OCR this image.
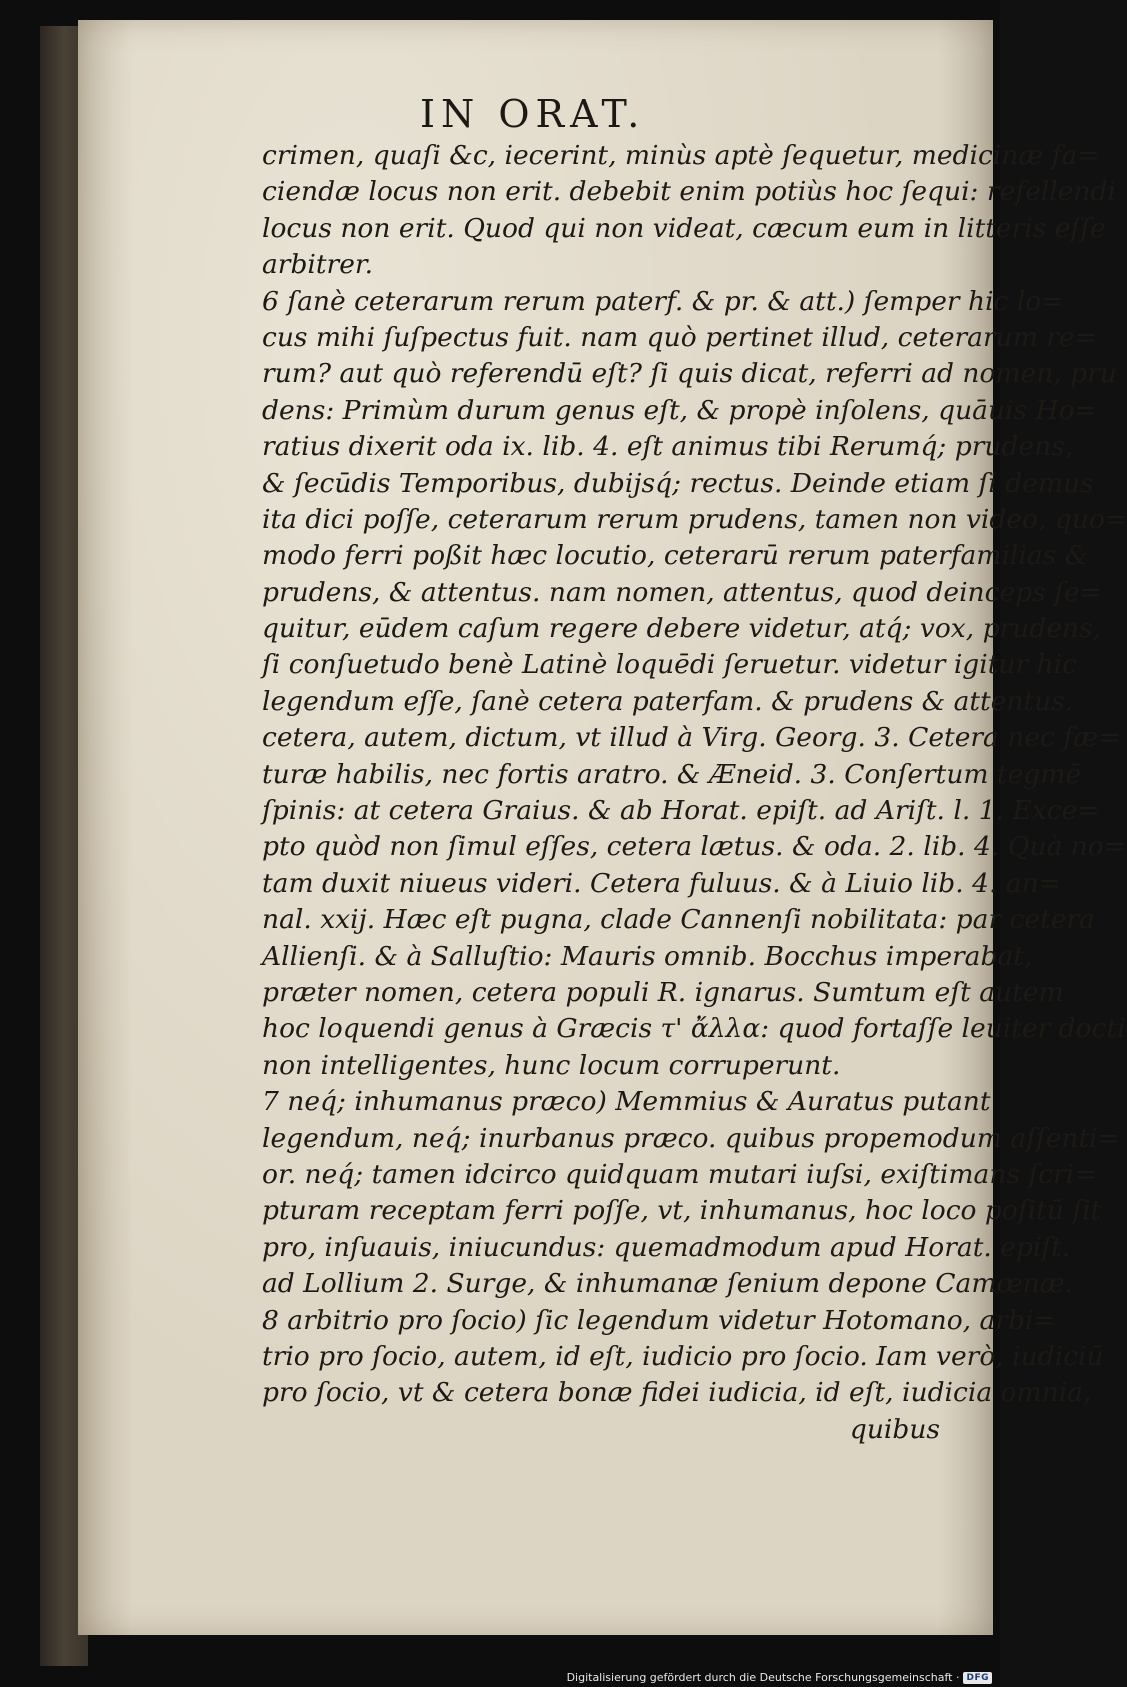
IN ORAT.
crimen, quaſi &c, iecerint, minùs aptè ſequetur, medicinæ fa=
ciendæ locus non erit. debebit enim potiùs hoc ſequi: refellendi
locus non erit. Quod qui non videat, cæcum eum in litteris eſſe
arbitrer.
6 ſanè ceterarum rerum paterf. & pr. & att.) ſemper hic lo=
cus mihi ſuſpectus fuit. nam quò pertinet illud, ceterarum re=
rum? aut quò referendū eſt? ſi quis dicat, referri ad nomen, pru
dens: Primùm durum genus eſt, & propè inſolens, quāuis Ho=
ratius dixerit oda ix. lib. 4. eſt animus tibi Rerumq́; prudens,
& ſecūdis Temporibus, dubijsq́; rectus. Deinde etiam ſi demus
ita dici poſſe, ceterarum rerum prudens, tamen non video, quo=
modo ferri poßit hæc locutio, ceterarū rerum paterfamilias &
prudens, & attentus. nam nomen, attentus, quod deinceps ſe=
quitur, eūdem caſum regere debere videtur, atq́; vox, prudens,
ſi conſuetudo benè Latinè loquēdi ſeruetur. videtur igitur hic
legendum eſſe, ſanè cetera paterfam. & prudens & attentus.
cetera, autem, dictum, vt illud à Virg. Georg. 3. Cetera nec fæ=
turæ habilis, nec fortis aratro. & Æneid. 3. Conſertum tegmē
ſpinis: at cetera Graius. & ab Horat. epiſt. ad Ariſt. l. 1. Exce=
pto quòd non ſimul eſſes, cetera lætus. & oda. 2. lib. 4. Quà no=
tam duxit niueus videri. Cetera fuluus. & à Liuio lib. 4. an=
nal. xxij. Hæc eſt pugna, clade Cannenſi nobilitata: par cetera
Allienſi. & à Salluſtio: Mauris omnib. Bocchus imperabat,
præter nomen, cetera populi R. ignarus. Sumtum eſt autem
hoc loquendi genus à Græcis τ' ἄλλα: quod fortaſſe leuiter docti
non intelligentes, hunc locum corruperunt.
7 neq́; inhumanus præco) Memmius & Auratus putant
legendum, neq́; inurbanus præco. quibus propemodum aſſenti=
or. neq́; tamen idcirco quidquam mutari iuſsi, exiſtimans ſcri=
pturam receptam ferri poſſe, vt, inhumanus, hoc loco poſitū ſit
pro, inſuauis, iniucundus: quemadmodum apud Horat. epiſt.
ad Lollium 2. Surge, & inhumanæ ſenium depone Camœnæ.
8 arbitrio pro ſocio) ſic legendum videtur Hotomano, arbi=
trio pro ſocio, autem, id eſt, iudicio pro ſocio. Iam verò, iudiciū
pro ſocio, vt & cetera bonæ fidei iudicia, id eſt, iudicia omnia,
quibus
Digitalisierung gefördert durch die Deutsche Forschungsgemeinschaft · DFG
